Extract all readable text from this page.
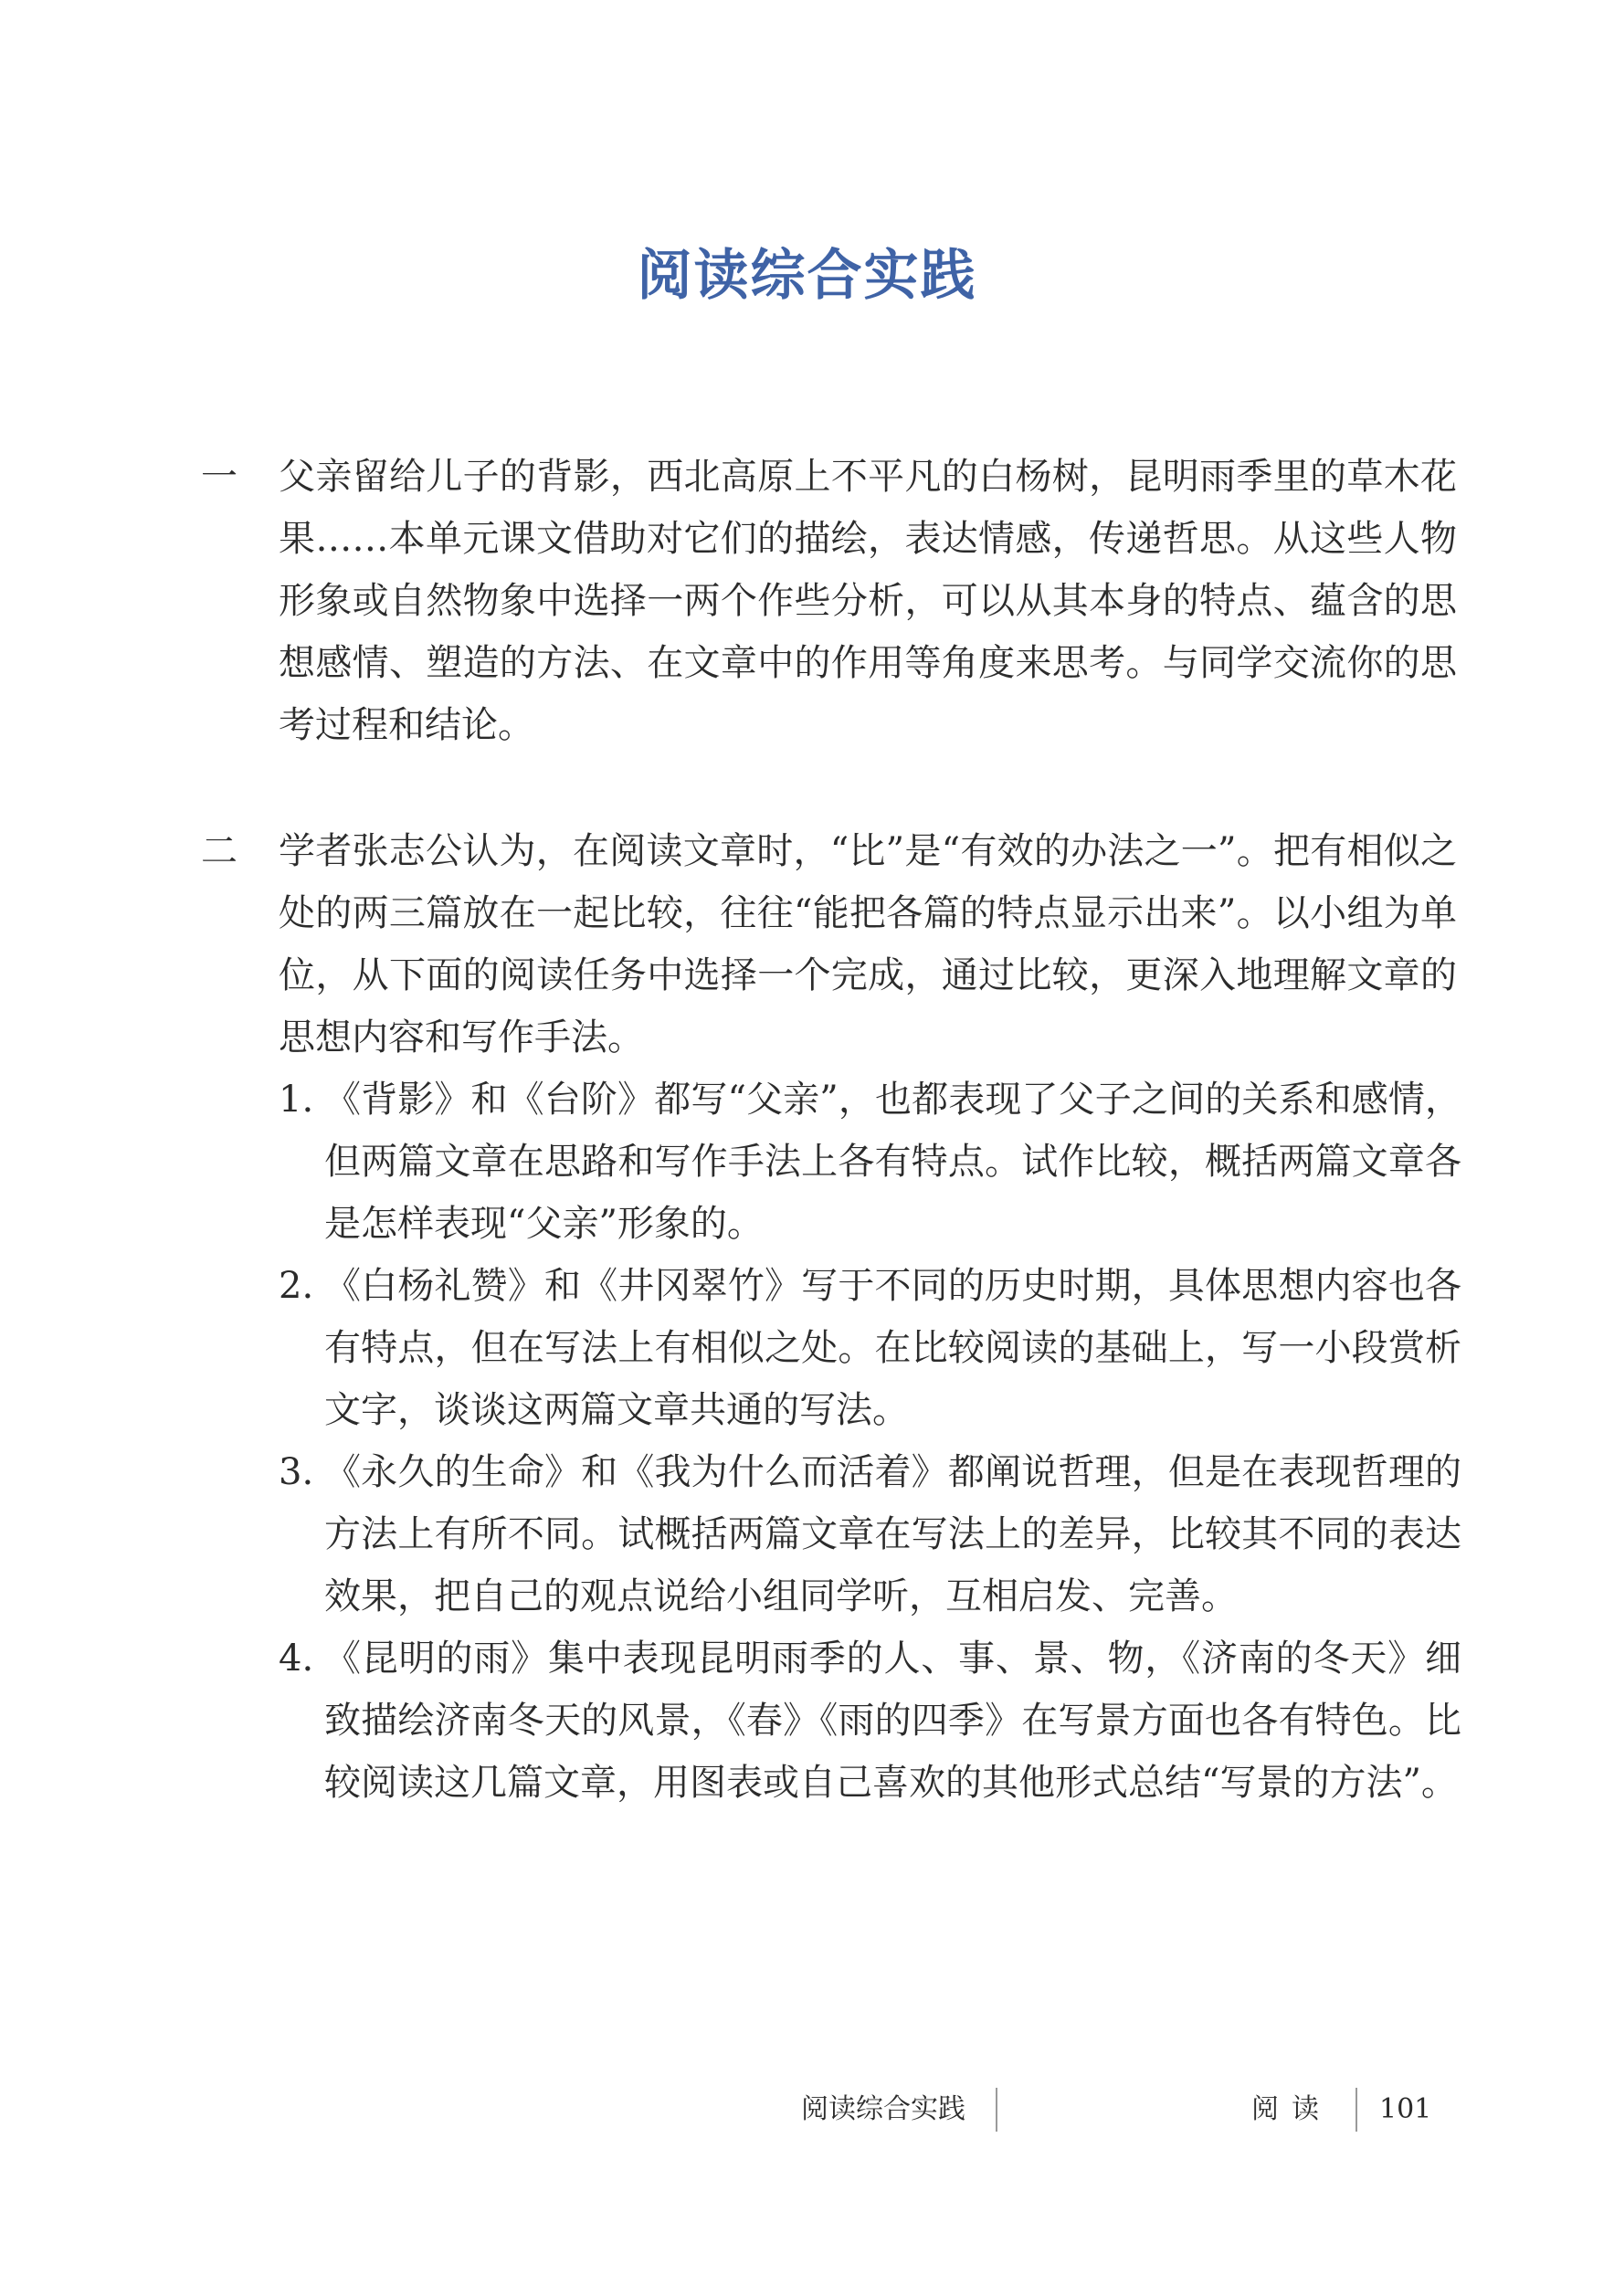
阅读综合实践
一 父亲留给儿子的背影，西北高原上不平凡的白杨树，昆明雨季里的草木花果……本单元课文借助对它们的描绘，表达情感，传递哲思。从这些人物形象或自然物象中选择一两个作些分析，可以从其本身的特点、蕴含的思想感情、塑造的方法、在文章中的作用等角度来思考。与同学交流你的思考过程和结论。
二 学者张志公认为，在阅读文章时，“比”是“有效的办法之一”。把有相似之处的两三篇放在一起比较，往往“能把各篇的特点显示出来”。以小组为单位，从下面的阅读任务中选择一个完成，通过比较，更深入地理解文章的思想内容和写作手法。
1. 《背影》和《台阶》都写“父亲”，也都表现了父子之间的关系和感情，但两篇文章在思路和写作手法上各有特点。试作比较，概括两篇文章各是怎样表现“父亲”形象的。
2. 《白杨礼赞》和《井冈翠竹》写于不同的历史时期，具体思想内容也各有特点，但在写法上有相似之处。在比较阅读的基础上，写一小段赏析文字，谈谈这两篇文章共通的写法。
3. 《永久的生命》和《我为什么而活着》都阐说哲理，但是在表现哲理的方法上有所不同。试概括两篇文章在写法上的差异，比较其不同的表达效果，把自己的观点说给小组同学听，互相启发、完善。
4. 《昆明的雨》集中表现昆明雨季的人、事、景、物，《济南的冬天》细致描绘济南冬天的风景，《春》《雨的四季》在写景方面也各有特色。比较阅读这几篇文章，用图表或自己喜欢的其他形式总结“写景的方法”。
阅读综合实践	阅读 101
